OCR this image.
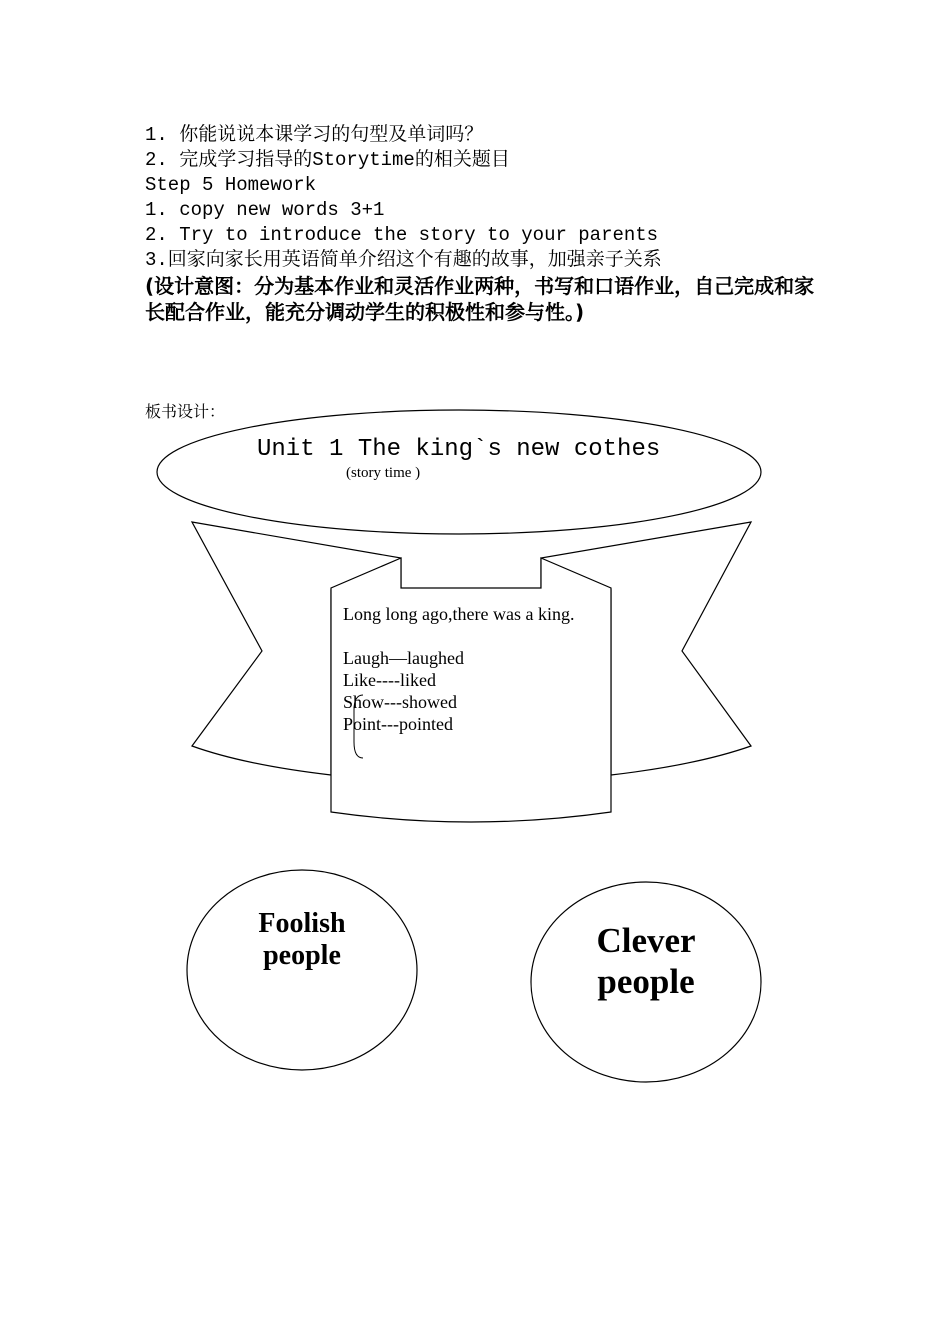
1. 你能说说本课学习的句型及单词吗？
2. 完成学习指导的Storytime的相关题目
Step 5 Homework
1. copy new words 3+1
2. Try to introduce the story to your parents
3.回家向家长用英语简单介绍这个有趣的故事，加强亲子关系
(设计意图：分为基本作业和灵活作业两种，书写和口语作业，自己完成和家长配合作业，能充分调动学生的积极性和参与性。)
板书设计：
Unit 1 The king`s new cothes
(story time )
Long long ago,there was a king.
Laugh—laughed
Like----liked
Show---showed
Point---pointed
Foolish
people	Clever
people
